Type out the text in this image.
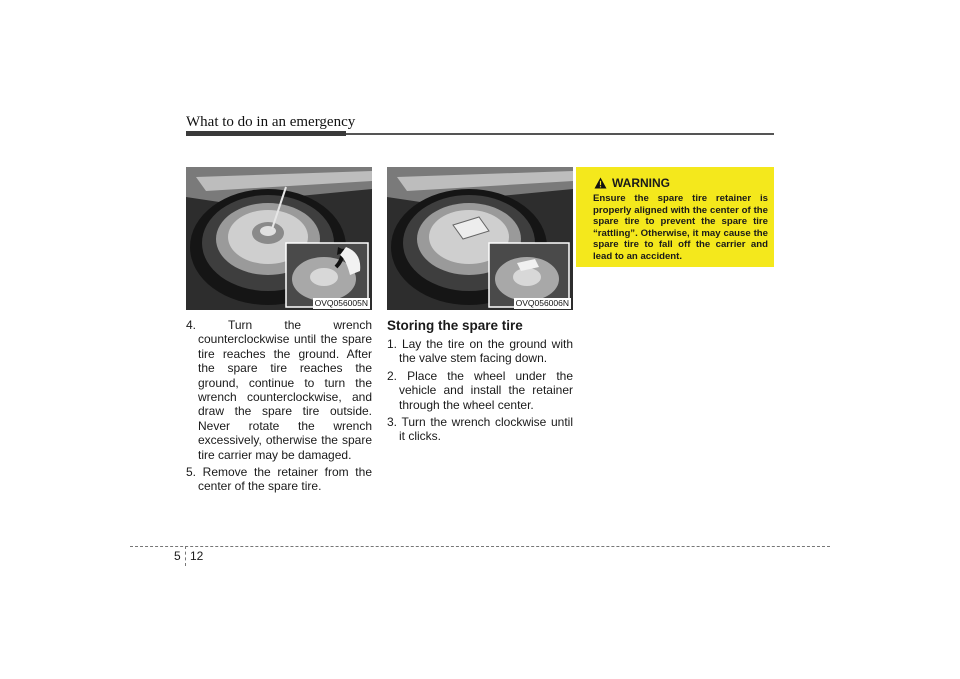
What to do in an emergency
OVQ056005N	OVQ056006N
4. Turn the wrench counterclockwise until the spare tire reaches the ground. After the spare tire reaches the ground, continue to turn the wrench counterclockwise, and draw the spare tire outside. Never rotate the wrench excessively, otherwise the spare tire carrier may be damaged.
5. Remove the retainer from the center of the spare tire.
Storing the spare tire
1. Lay the tire on the ground with the valve stem facing down.
2. Place the wheel under the vehicle and install the retainer through the wheel center.
3. Turn the wrench clockwise until it clicks.
WARNING
Ensure the spare tire retainer is properly aligned with the center of the spare tire to prevent the spare tire “rattling”. Otherwise, it may cause the spare tire to fall off the carrier and lead to an accident.
5 12
